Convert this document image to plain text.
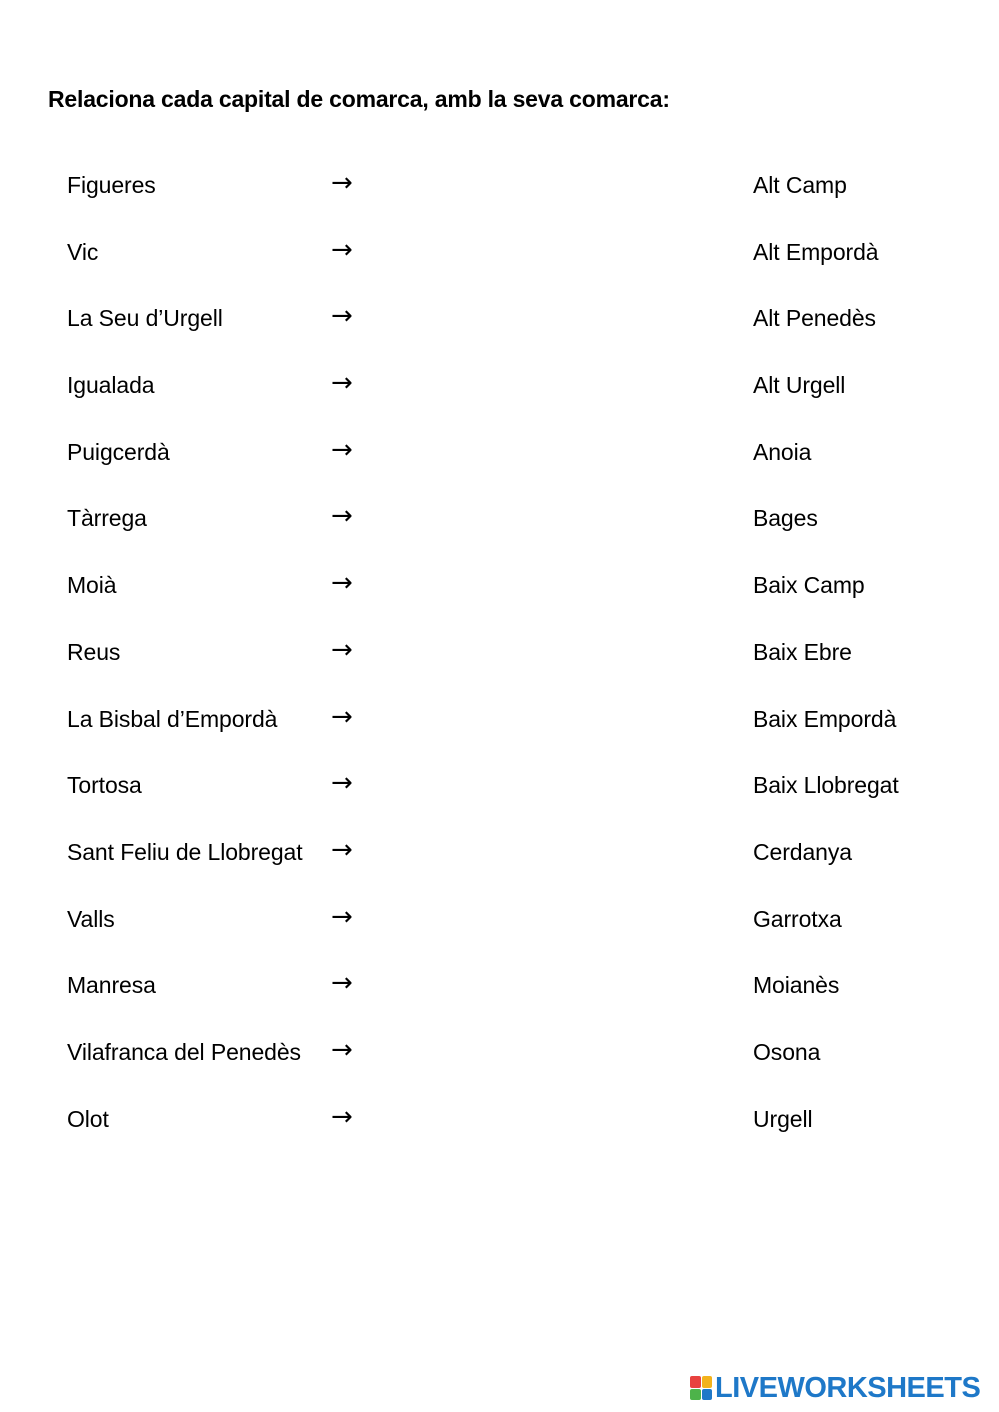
Relaciona cada capital de comarca, amb la seva comarca:
Figueres	→	Alt Camp
Vic	→	Alt Empordà
La Seu d’Urgell	→	Alt Penedès
Igualada	→	Alt Urgell
Puigcerdà	→	Anoia
Tàrrega	→	Bages
Moià	→	Baix Camp
Reus	→	Baix Ebre
La Bisbal d’Empordà →	Baix Empordà
Tortosa	→	Baix Llobregat
Sant Feliu de Llobregat →	Cerdanya
Valls	→	Garrotxa
Manresa	→	Moianès
Vilafranca del Penedès →	Osona
Olot	→	Urgell
LIVEWORKSHEETS
